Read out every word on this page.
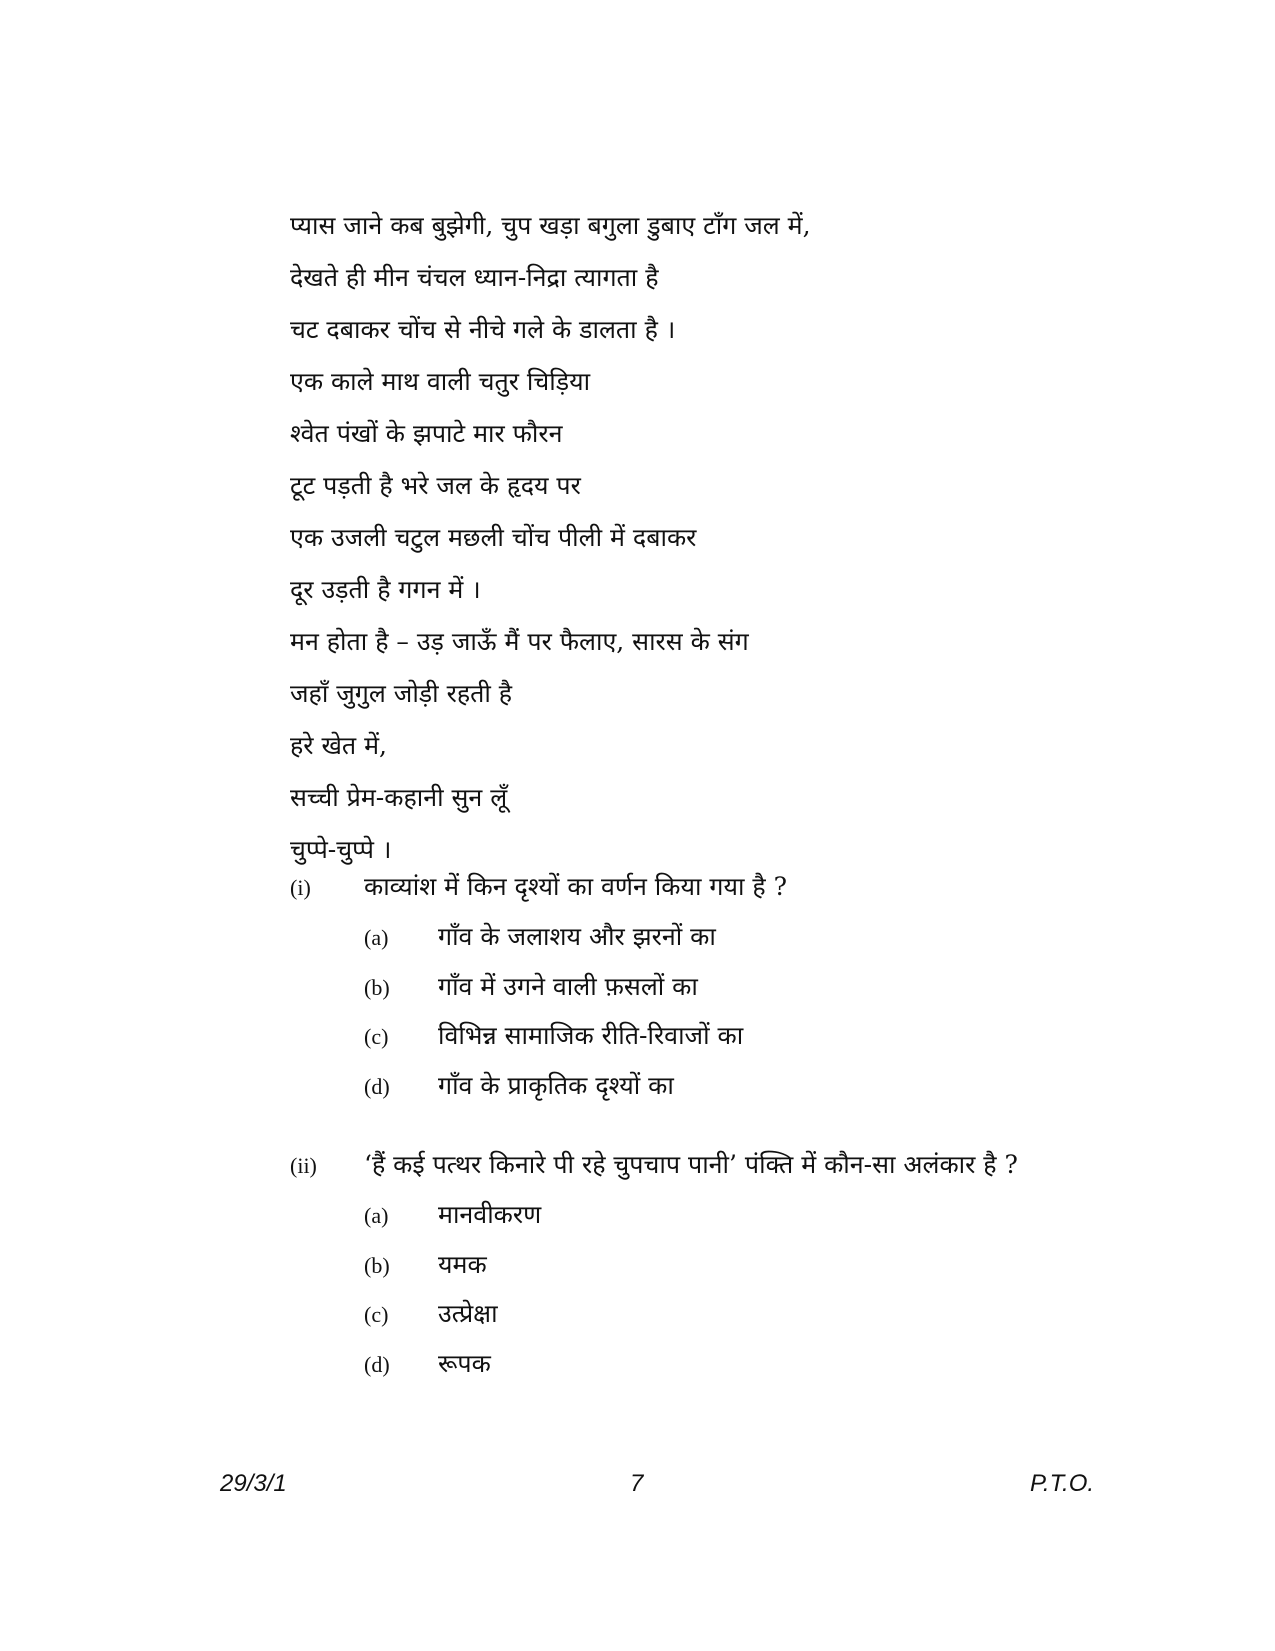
प्यास जाने कब बुझेगी, चुप खड़ा बगुला डुबाए टाँग जल में,
देखते ही मीन चंचल ध्यान-निद्रा त्यागता है
चट दबाकर चोंच से नीचे गले के डालता है ।
एक काले माथ वाली चतुर चिड़िया
श्वेत पंखों के झपाटे मार फौरन
टूट पड़ती है भरे जल के हृदय पर
एक उजली चटुल मछली चोंच पीली में दबाकर
दूर उड़ती है गगन में ।
मन होता है – उड़ जाऊँ मैं पर फैलाए, सारस के संग
जहाँ जुगुल जोड़ी रहती है
हरे खेत में,
सच्ची प्रेम-कहानी सुन लूँ
चुप्पे-चुप्पे ।
(i)	काव्यांश में किन दृश्यों का वर्णन किया गया है ?
(a)	गाँव के जलाशय और झरनों का
(b)	गाँव में उगने वाली फ़सलों का
(c)	विभिन्न सामाजिक रीति-रिवाजों का
(d)	गाँव के प्राकृतिक दृश्यों का
(ii)	‘हैं कई पत्थर किनारे पी रहे चुपचाप पानी’ पंक्ति में कौन-सा अलंकार है ?
(a)	मानवीकरण
(b)	यमक
(c)	उत्प्रेक्षा
(d)	रूपक
29/3/1	7	P.T.O.
